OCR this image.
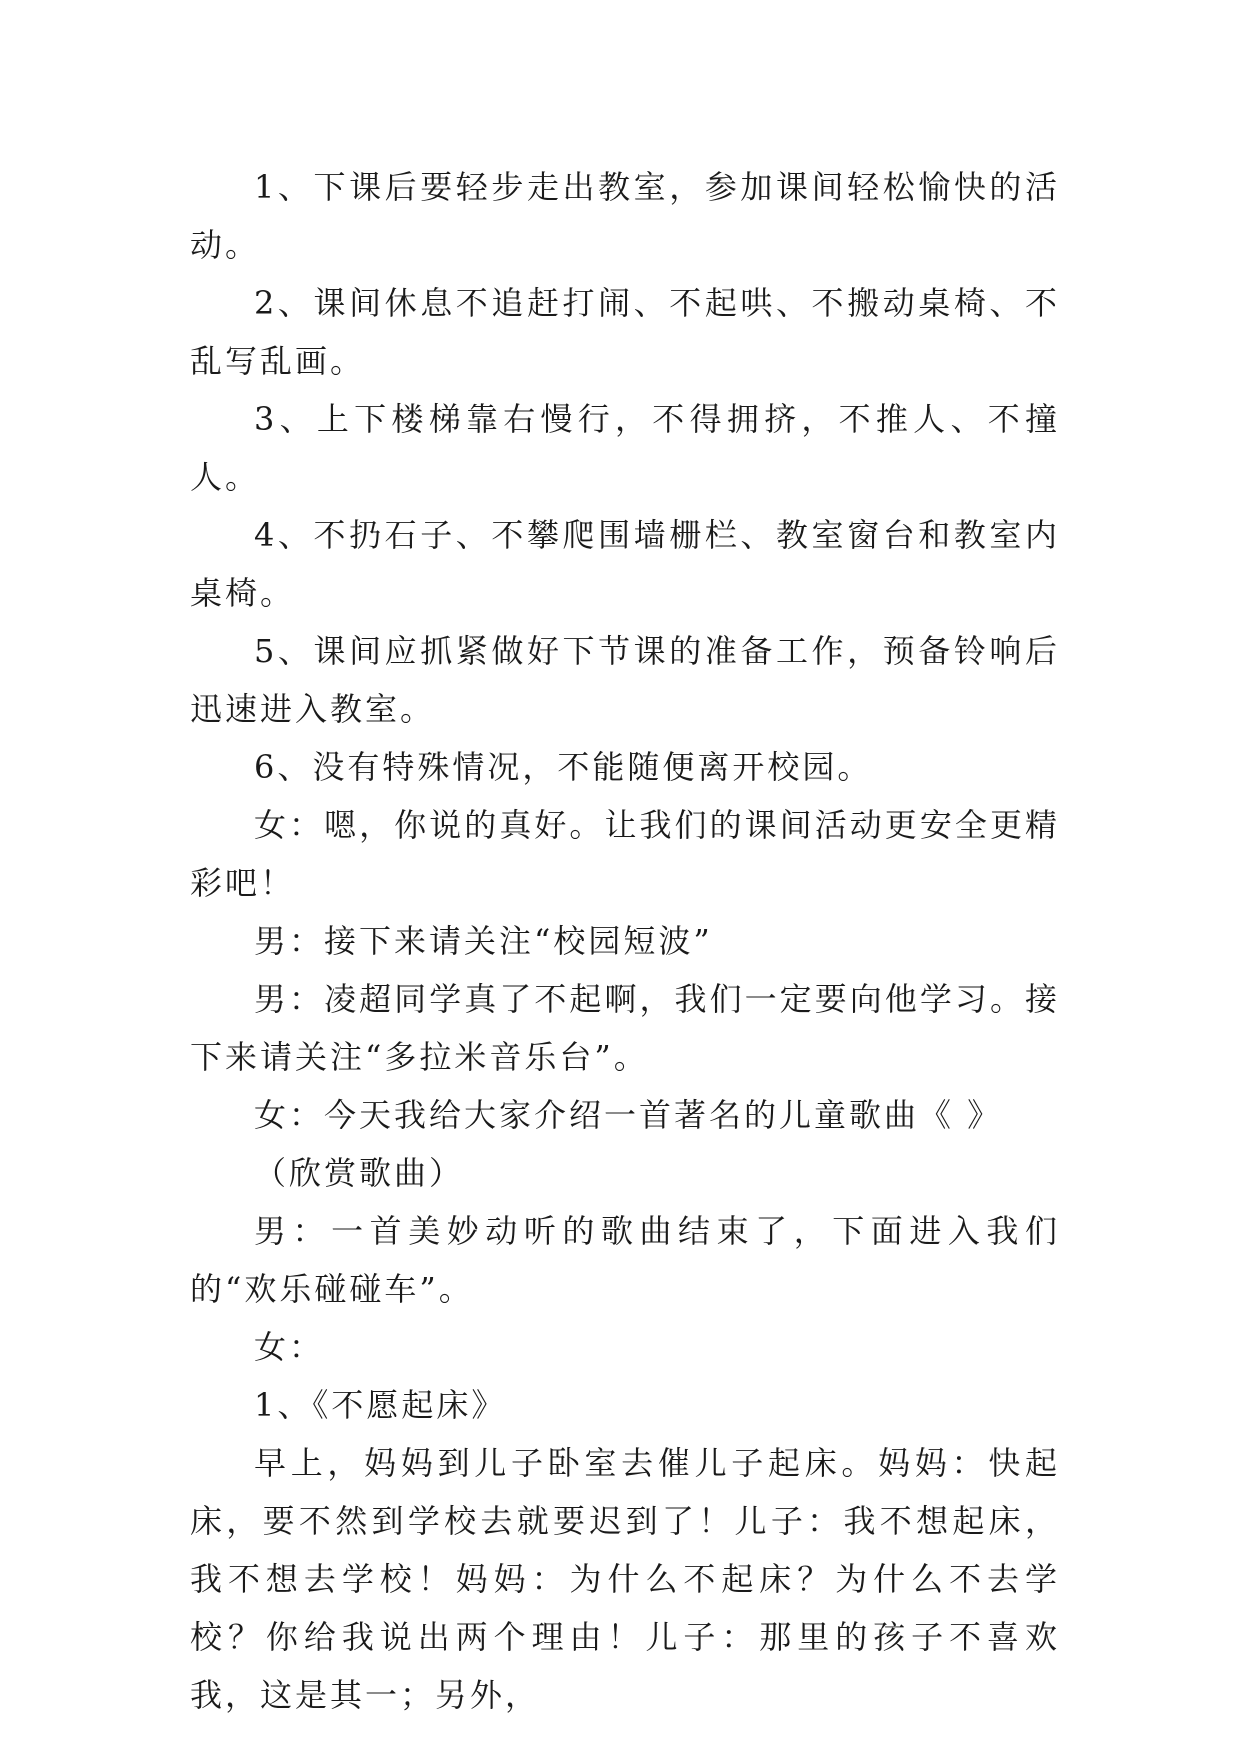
1、下课后要轻步走出教室，参加课间轻松愉快的活动。

2、课间休息不追赶打闹、不起哄、不搬动桌椅、不乱写乱画。

3、上下楼梯靠右慢行，不得拥挤，不推人、不撞人。

4、不扔石子、不攀爬围墙栅栏、教室窗台和教室内桌椅。

5、课间应抓紧做好下节课的准备工作，预备铃响后迅速进入教室。

6、没有特殊情况，不能随便离开校园。

女：嗯，你说的真好。让我们的课间活动更安全更精彩吧！

男：接下来请关注“校园短波”

男：凌超同学真了不起啊，我们一定要向他学习。接下来请关注“多拉米音乐台”。

女：今天我给大家介绍一首著名的儿童歌曲《 》

（欣赏歌曲）

男：一首美妙动听的歌曲结束了，下面进入我们的“欢乐碰碰车”。

女：

1、《不愿起床》

早上，妈妈到儿子卧室去催儿子起床。妈妈：快起床，要不然到学校去就要迟到了！儿子：我不想起床，我不想去学校！妈妈：为什么不起床？为什么不去学校？你给我说出两个理由！儿子：那里的孩子不喜欢我，这是其一；另外，
